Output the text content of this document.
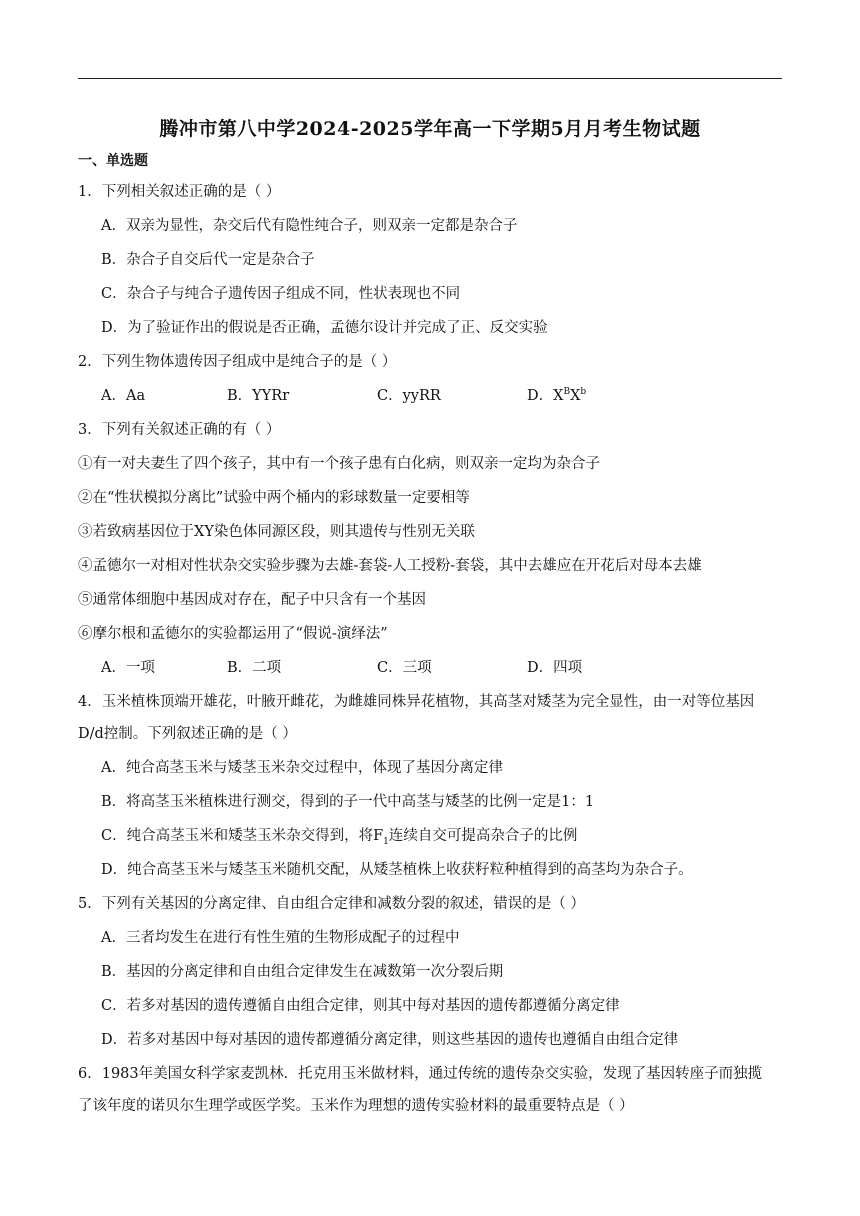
腾冲市第八中学2024-2025学年高一下学期5月月考生物试题
一、单选题
1．下列相关叙述正确的是（ ）
A．双亲为显性，杂交后代有隐性纯合子，则双亲一定都是杂合子
B．杂合子自交后代一定是杂合子
C．杂合子与纯合子遗传因子组成不同，性状表现也不同
D．为了验证作出的假说是否正确，孟德尔设计并完成了正、反交实验
2．下列生物体遗传因子组成中是纯合子的是（ ）
A．Aa	B．YYRr	C．yyRR	D．$X^BX^b$
3．下列有关叙述正确的有（ ）
①有一对夫妻生了四个孩子，其中有一个孩子患有白化病，则双亲一定均为杂合子
②在“性状模拟分离比”试验中两个桶内的彩球数量一定要相等
③若致病基因位于XY染色体同源区段，则其遗传与性别无关联
④孟德尔一对相对性状杂交实验步骤为去雄-套袋-人工授粉-套袋，其中去雄应在开花后对母本去雄
⑤通常体细胞中基因成对存在，配子中只含有一个基因
⑥摩尔根和孟德尔的实验都运用了“假说-演绎法”
A．一项	B．二项	C．三项	D．四项
4．玉米植株顶端开雄花，叶腋开雌花，为雌雄同株异花植物，其高茎对矮茎为完全显性，由一对等位基因
D/d控制。下列叙述正确的是（ ）
A．纯合高茎玉米与矮茎玉米杂交过程中，体现了基因分离定律
B．将高茎玉米植株进行测交，得到的子一代中高茎与矮茎的比例一定是1：1
C．纯合高茎玉米和矮茎玉米杂交得到，将$F_1$连续自交可提高杂合子的比例
D．纯合高茎玉米与矮茎玉米随机交配，从矮茎植株上收获籽粒种植得到的高茎均为杂合子。
5．下列有关基因的分离定律、自由组合定律和减数分裂的叙述，错误的是（ ）
A．三者均发生在进行有性生殖的生物形成配子的过程中
B．基因的分离定律和自由组合定律发生在减数第一次分裂后期
C．若多对基因的遗传遵循自由组合定律，则其中每对基因的遗传都遵循分离定律
D．若多对基因中每对基因的遗传都遵循分离定律，则这些基因的遗传也遵循自由组合定律
6．1983年美国女科学家麦凯林．托克用玉米做材料，通过传统的遗传杂交实验，发现了基因转座子而独揽
了该年度的诺贝尔生理学或医学奖。玉米作为理想的遗传实验材料的最重要特点是（ ）
